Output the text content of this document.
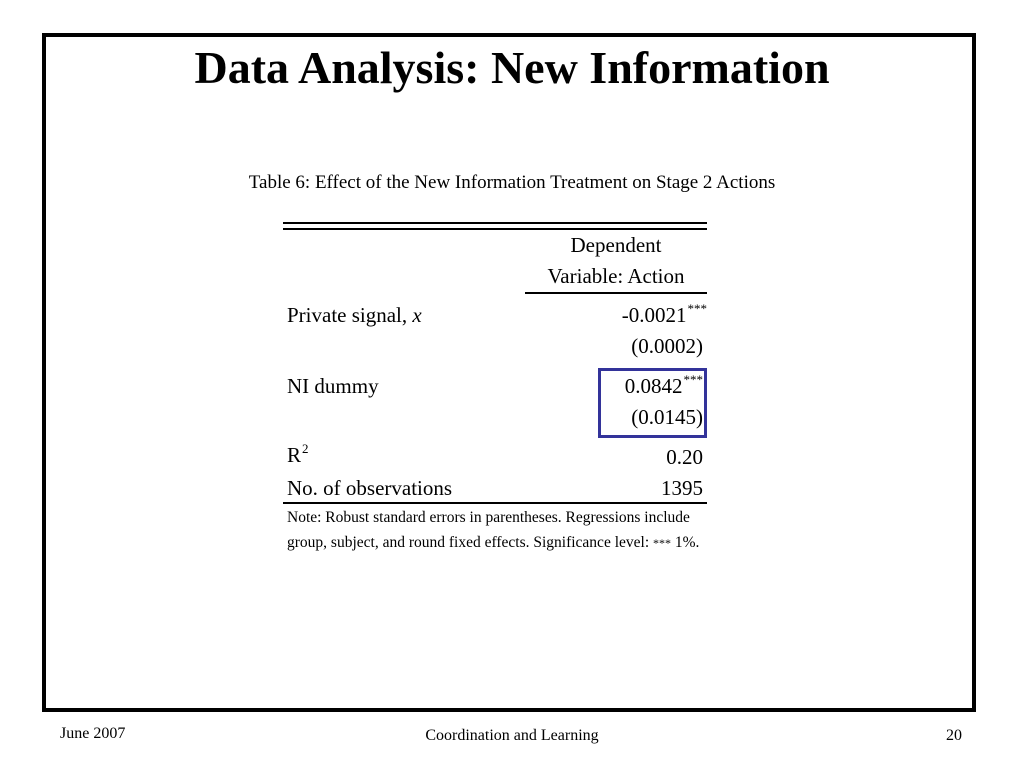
Data Analysis: New Information
Table 6: Effect of the New Information Treatment on Stage 2 Actions
Dependent
Variable: Action
Private signal, x	-0.0021***
(0.0002)
NI dummy	0.0842***
(0.0145)
$R^2$	0.20
No. of observations	1395
Note: Robust standard errors in parentheses. Regressions include group, subject, and round fixed effects. Significance level: *** 1%.
June 2007	Coordination and Learning	20
